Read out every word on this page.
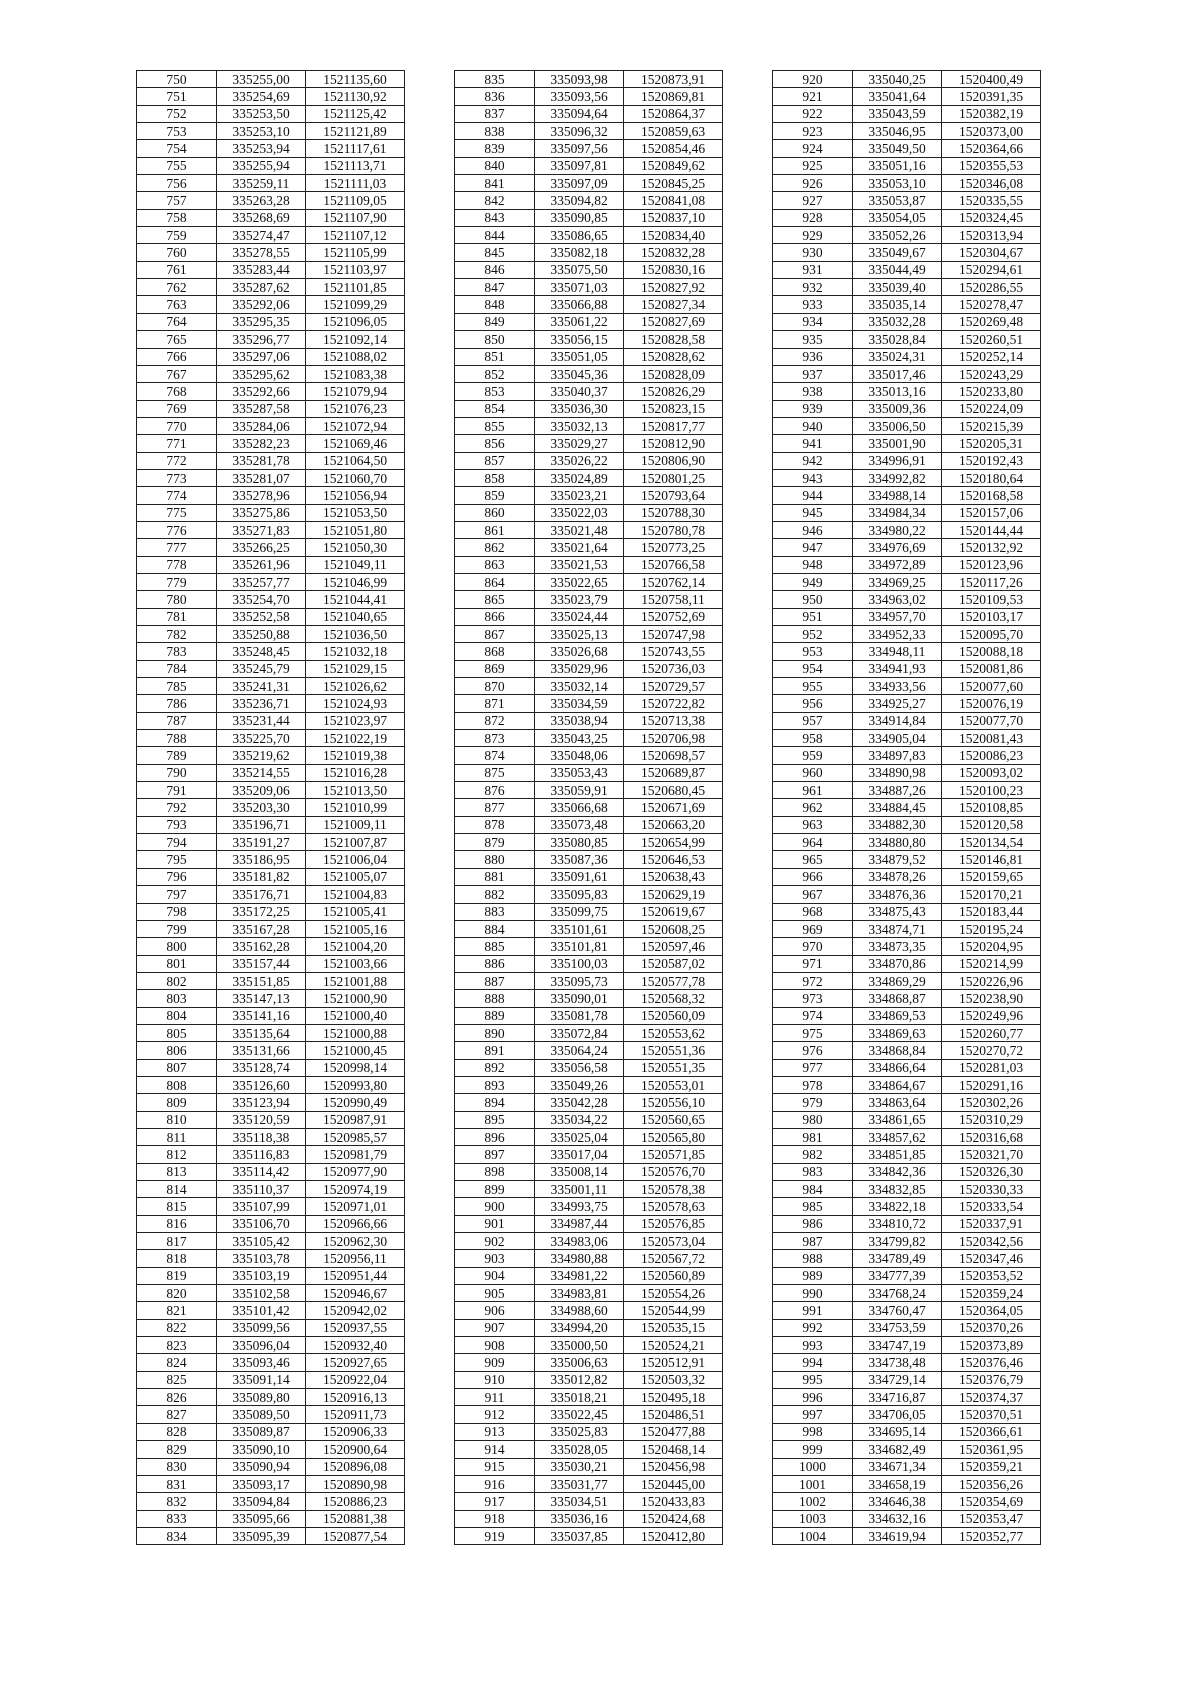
750	335255,00	1521135,60
751	335254,69	1521130,92
752	335253,50	1521125,42
753	335253,10	1521121,89
754	335253,94	1521117,61
755	335255,94	1521113,71
756	335259,11	1521111,03
757	335263,28	1521109,05
758	335268,69	1521107,90
759	335274,47	1521107,12
760	335278,55	1521105,99
761	335283,44	1521103,97
762	335287,62	1521101,85
763	335292,06	1521099,29
764	335295,35	1521096,05
765	335296,77	1521092,14
766	335297,06	1521088,02
767	335295,62	1521083,38
768	335292,66	1521079,94
769	335287,58	1521076,23
770	335284,06	1521072,94
771	335282,23	1521069,46
772	335281,78	1521064,50
773	335281,07	1521060,70
774	335278,96	1521056,94
775	335275,86	1521053,50
776	335271,83	1521051,80
777	335266,25	1521050,30
778	335261,96	1521049,11
779	335257,77	1521046,99
780	335254,70	1521044,41
781	335252,58	1521040,65
782	335250,88	1521036,50
783	335248,45	1521032,18
784	335245,79	1521029,15
785	335241,31	1521026,62
786	335236,71	1521024,93
787	335231,44	1521023,97
788	335225,70	1521022,19
789	335219,62	1521019,38
790	335214,55	1521016,28
791	335209,06	1521013,50
792	335203,30	1521010,99
793	335196,71	1521009,11
794	335191,27	1521007,87
795	335186,95	1521006,04
796	335181,82	1521005,07
797	335176,71	1521004,83
798	335172,25	1521005,41
799	335167,28	1521005,16
800	335162,28	1521004,20
801	335157,44	1521003,66
802	335151,85	1521001,88
803	335147,13	1521000,90
804	335141,16	1521000,40
805	335135,64	1521000,88
806	335131,66	1521000,45
807	335128,74	1520998,14
808	335126,60	1520993,80
809	335123,94	1520990,49
810	335120,59	1520987,91
811	335118,38	1520985,57
812	335116,83	1520981,79
813	335114,42	1520977,90
814	335110,37	1520974,19
815	335107,99	1520971,01
816	335106,70	1520966,66
817	335105,42	1520962,30
818	335103,78	1520956,11
819	335103,19	1520951,44
820	335102,58	1520946,67
821	335101,42	1520942,02
822	335099,56	1520937,55
823	335096,04	1520932,40
824	335093,46	1520927,65
825	335091,14	1520922,04
826	335089,80	1520916,13
827	335089,50	1520911,73
828	335089,87	1520906,33
829	335090,10	1520900,64
830	335090,94	1520896,08
831	335093,17	1520890,98
832	335094,84	1520886,23
833	335095,66	1520881,38
834	335095,39	1520877,54
835	335093,98	1520873,91
836	335093,56	1520869,81
837	335094,64	1520864,37
838	335096,32	1520859,63
839	335097,56	1520854,46
840	335097,81	1520849,62
841	335097,09	1520845,25
842	335094,82	1520841,08
843	335090,85	1520837,10
844	335086,65	1520834,40
845	335082,18	1520832,28
846	335075,50	1520830,16
847	335071,03	1520827,92
848	335066,88	1520827,34
849	335061,22	1520827,69
850	335056,15	1520828,58
851	335051,05	1520828,62
852	335045,36	1520828,09
853	335040,37	1520826,29
854	335036,30	1520823,15
855	335032,13	1520817,77
856	335029,27	1520812,90
857	335026,22	1520806,90
858	335024,89	1520801,25
859	335023,21	1520793,64
860	335022,03	1520788,30
861	335021,48	1520780,78
862	335021,64	1520773,25
863	335021,53	1520766,58
864	335022,65	1520762,14
865	335023,79	1520758,11
866	335024,44	1520752,69
867	335025,13	1520747,98
868	335026,68	1520743,55
869	335029,96	1520736,03
870	335032,14	1520729,57
871	335034,59	1520722,82
872	335038,94	1520713,38
873	335043,25	1520706,98
874	335048,06	1520698,57
875	335053,43	1520689,87
876	335059,91	1520680,45
877	335066,68	1520671,69
878	335073,48	1520663,20
879	335080,85	1520654,99
880	335087,36	1520646,53
881	335091,61	1520638,43
882	335095,83	1520629,19
883	335099,75	1520619,67
884	335101,61	1520608,25
885	335101,81	1520597,46
886	335100,03	1520587,02
887	335095,73	1520577,78
888	335090,01	1520568,32
889	335081,78	1520560,09
890	335072,84	1520553,62
891	335064,24	1520551,36
892	335056,58	1520551,35
893	335049,26	1520553,01
894	335042,28	1520556,10
895	335034,22	1520560,65
896	335025,04	1520565,80
897	335017,04	1520571,85
898	335008,14	1520576,70
899	335001,11	1520578,38
900	334993,75	1520578,63
901	334987,44	1520576,85
902	334983,06	1520573,04
903	334980,88	1520567,72
904	334981,22	1520560,89
905	334983,81	1520554,26
906	334988,60	1520544,99
907	334994,20	1520535,15
908	335000,50	1520524,21
909	335006,63	1520512,91
910	335012,82	1520503,32
911	335018,21	1520495,18
912	335022,45	1520486,51
913	335025,83	1520477,88
914	335028,05	1520468,14
915	335030,21	1520456,98
916	335031,77	1520445,00
917	335034,51	1520433,83
918	335036,16	1520424,68
919	335037,85	1520412,80
920	335040,25	1520400,49
921	335041,64	1520391,35
922	335043,59	1520382,19
923	335046,95	1520373,00
924	335049,50	1520364,66
925	335051,16	1520355,53
926	335053,10	1520346,08
927	335053,87	1520335,55
928	335054,05	1520324,45
929	335052,26	1520313,94
930	335049,67	1520304,67
931	335044,49	1520294,61
932	335039,40	1520286,55
933	335035,14	1520278,47
934	335032,28	1520269,48
935	335028,84	1520260,51
936	335024,31	1520252,14
937	335017,46	1520243,29
938	335013,16	1520233,80
939	335009,36	1520224,09
940	335006,50	1520215,39
941	335001,90	1520205,31
942	334996,91	1520192,43
943	334992,82	1520180,64
944	334988,14	1520168,58
945	334984,34	1520157,06
946	334980,22	1520144,44
947	334976,69	1520132,92
948	334972,89	1520123,96
949	334969,25	1520117,26
950	334963,02	1520109,53
951	334957,70	1520103,17
952	334952,33	1520095,70
953	334948,11	1520088,18
954	334941,93	1520081,86
955	334933,56	1520077,60
956	334925,27	1520076,19
957	334914,84	1520077,70
958	334905,04	1520081,43
959	334897,83	1520086,23
960	334890,98	1520093,02
961	334887,26	1520100,23
962	334884,45	1520108,85
963	334882,30	1520120,58
964	334880,80	1520134,54
965	334879,52	1520146,81
966	334878,26	1520159,65
967	334876,36	1520170,21
968	334875,43	1520183,44
969	334874,71	1520195,24
970	334873,35	1520204,95
971	334870,86	1520214,99
972	334869,29	1520226,96
973	334868,87	1520238,90
974	334869,53	1520249,96
975	334869,63	1520260,77
976	334868,84	1520270,72
977	334866,64	1520281,03
978	334864,67	1520291,16
979	334863,64	1520302,26
980	334861,65	1520310,29
981	334857,62	1520316,68
982	334851,85	1520321,70
983	334842,36	1520326,30
984	334832,85	1520330,33
985	334822,18	1520333,54
986	334810,72	1520337,91
987	334799,82	1520342,56
988	334789,49	1520347,46
989	334777,39	1520353,52
990	334768,24	1520359,24
991	334760,47	1520364,05
992	334753,59	1520370,26
993	334747,19	1520373,89
994	334738,48	1520376,46
995	334729,14	1520376,79
996	334716,87	1520374,37
997	334706,05	1520370,51
998	334695,14	1520366,61
999	334682,49	1520361,95
1000	334671,34	1520359,21
1001	334658,19	1520356,26
1002	334646,38	1520354,69
1003	334632,16	1520353,47
1004	334619,94	1520352,77
